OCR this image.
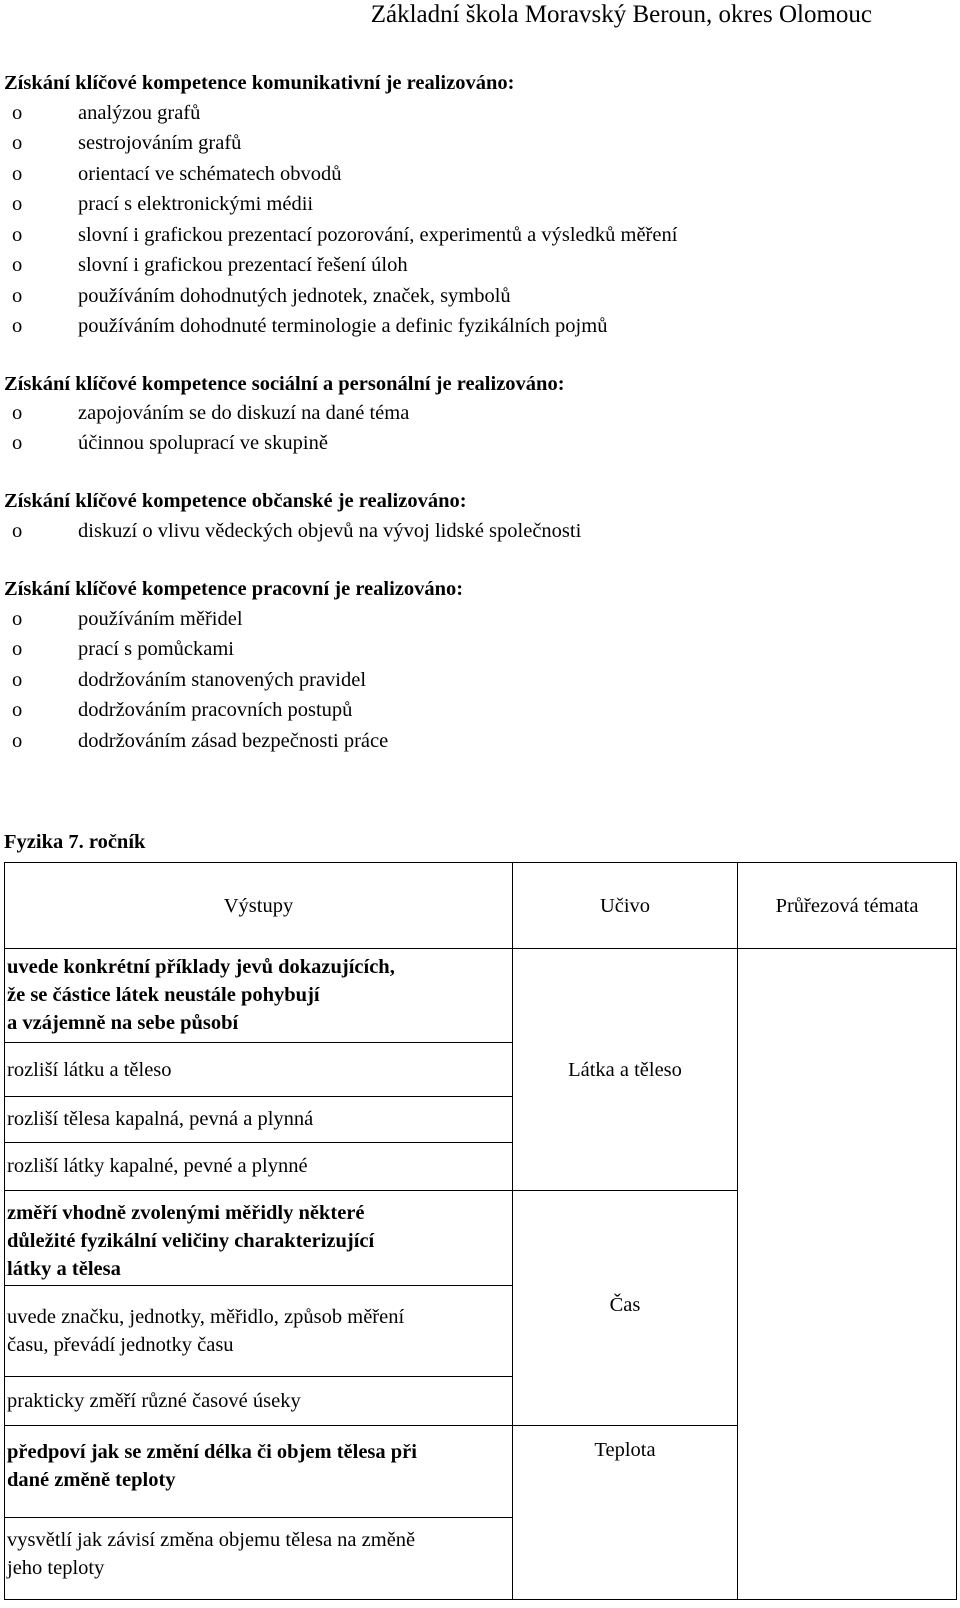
Základní škola Moravský Beroun, okres Olomouc
Získání klíčové kompetence komunikativní je realizováno:
o	analýzou grafů
o	sestrojováním grafů
o	orientací ve schématech obvodů
o	prací s elektronickými médii
o	slovní i grafickou prezentací pozorování, experimentů a výsledků měření
o	slovní i grafickou prezentací řešení úloh
o	používáním dohodnutých jednotek, značek, symbolů
o	používáním dohodnuté terminologie a definic fyzikálních pojmů
Získání klíčové kompetence sociální a personální je realizováno:
o	zapojováním se do diskuzí na dané téma
o	účinnou spoluprací ve skupině
Získání klíčové kompetence občanské je realizováno:
o	diskuzí o vlivu vědeckých objevů na vývoj lidské společnosti
Získání klíčové kompetence pracovní je realizováno:
o	používáním měřidel
o	prací s pomůckami
o	dodržováním stanovených pravidel
o	dodržováním pracovních postupů
o	dodržováním zásad bezpečnosti práce
Fyzika 7. ročník
Výstupy	Učivo	Průřezová témata
uvede konkrétní příklady jevů dokazujících,
že se částice látek neustále pohybují
a vzájemně na sebe působí	Látka a těleso	
rozliší látku a těleso		
rozliší tělesa kapalná, pevná a plynná		
rozliší látky kapalné, pevné a plynné		
změří vhodně zvolenými měřidly některé
důležité fyzikální veličiny charakterizující
látky a tělesa	Čas	
uvede značku, jednotky, měřidlo, způsob měření
času, převádí jednotky času		
prakticky změří různé časové úseky		
předpoví jak se změní délka či objem tělesa při
dané změně teploty	Teplota	
vysvětlí jak závisí změna objemu tělesa na změně
jeho teploty		
